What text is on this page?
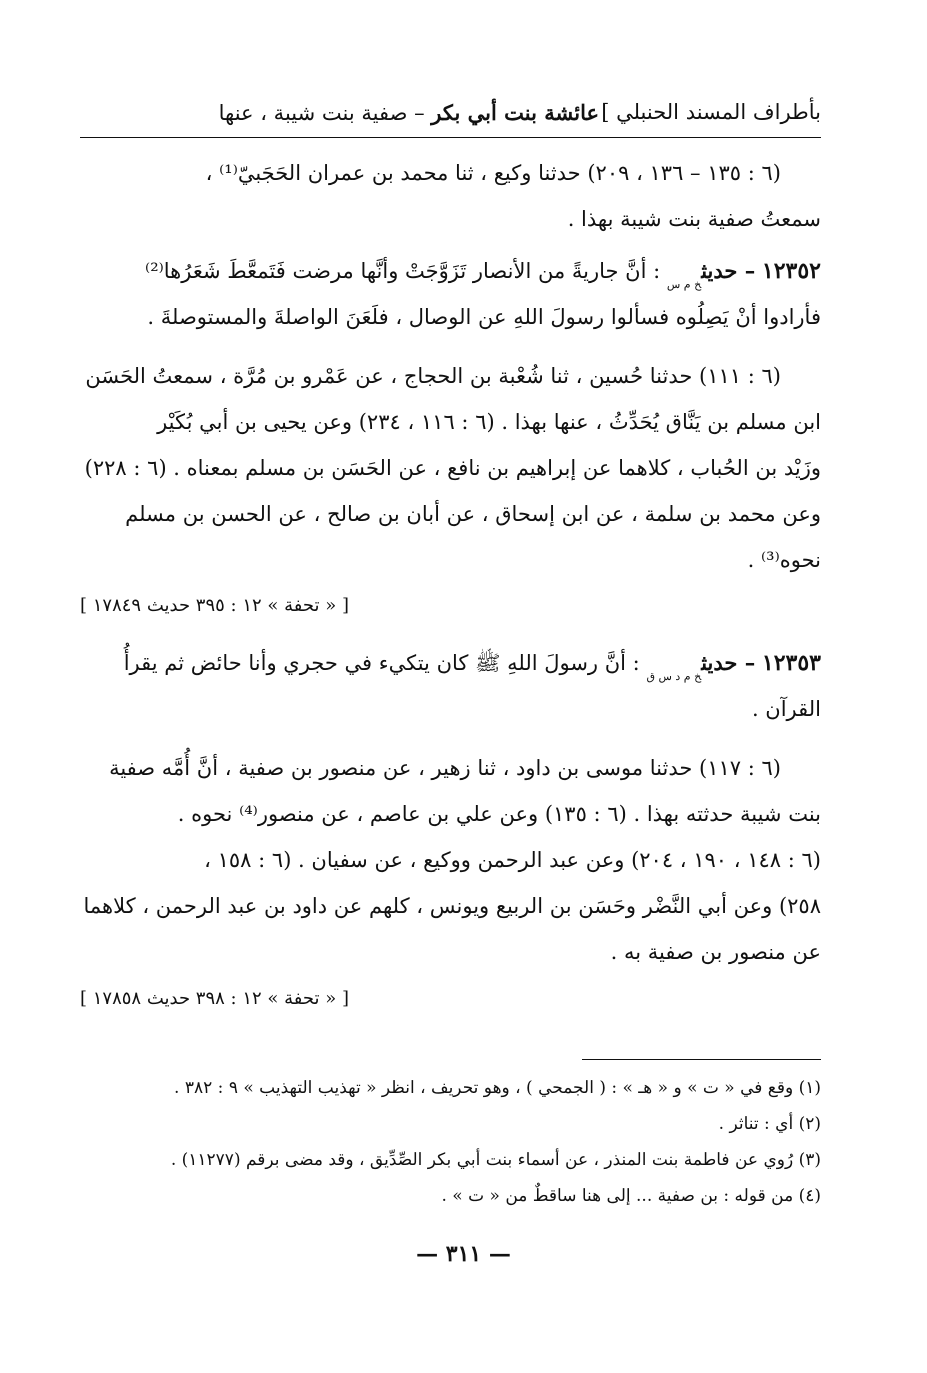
بأطراف المسند الحنبلي ]
عائشة بنت أبي بكر – صفية بنت شيبة ، عنها
(٦ : ١٣٥ – ١٣٦ ، ٢٠٩) حدثنا وكيع ، ثنا محمد بن عمران الحَجَبيّ⁽¹⁾ ،
سمعتُ صفية بنت شيبة بهذا .
١٢٣٥٢ – حديث$_{خ م س}$ : أنَّ جاريةً من الأنصار تَزَوَّجَتْ وأنَّها مرضت فَتَمعَّطَ شَعَرُها⁽²⁾
فأرادوا أنْ يَصِلُوه فسألوا رسولَ اللهِ عن الوصال ، فلَعَنَ الواصلةَ والمستوصلةَ .
(٦ : ١١١) حدثنا حُسين ، ثنا شُعْبة بن الحجاج ، عن عَمْرو بن مُرَّة ، سمعتُ الحَسَن
ابن مسلم بن يَنَّاق يُحَدِّثُ ، عنها بهذا . (٦ : ١١٦ ، ٢٣٤) وعن يحيى بن أبي بُكَيْر
وزَيْد بن الحُباب ، كلاهما عن إبراهيم بن نافع ، عن الحَسَن بن مسلم بمعناه . (٦ : ٢٢٨)
وعن محمد بن سلمة ، عن ابن إسحاق ، عن أبان بن صالح ، عن الحسن بن مسلم
نحوه⁽³⁾ .
[ « تحفة » ١٢ : ٣٩٥ حديث ١٧٨٤٩ ]
١٢٣٥٣ – حديث$_{خ م د س ق}$ : أنَّ رسولَ اللهِ ﷺ كان يتكيء في حجري وأنا حائض ثم يقرأُ
القرآن .
(٦ : ١١٧) حدثنا موسى بن داود ، ثنا زهير ، عن منصور بن صفية ، أنَّ أُمَّه صفية
بنت شيبة حدثته بهذا . (٦ : ١٣٥) وعن علي بن عاصم ، عن منصور⁽⁴⁾ نحوه .
(٦ : ١٤٨ ، ١٩٠ ، ٢٠٤) وعن عبد الرحمن ووكيع ، عن سفيان . (٦ : ١٥٨ ،
٢٥٨) وعن أبي النَّضْر وحَسَن بن الربيع ويونس ، كلهم عن داود بن عبد الرحمن ، كلاهما
عن منصور بن صفية به .
[ « تحفة » ١٢ : ٣٩٨ حديث ١٧٨٥٨ ]
(١) وقع في « ت » و « هـ » : ( الجمحي ) ، وهو تحريف ، انظر « تهذيب التهذيب » ٩ : ٣٨٢ .
(٢) أي : تناثر .
(٣) رُوي عن فاطمة بنت المنذر ، عن أسماء بنت أبي بكر الصِّدِّيق ، وقد مضى برقم (١١٢٧٧) .
(٤) من قوله : بن صفية ... إلى هنا ساقطٌ من « ت » .
— ٣١١ —
